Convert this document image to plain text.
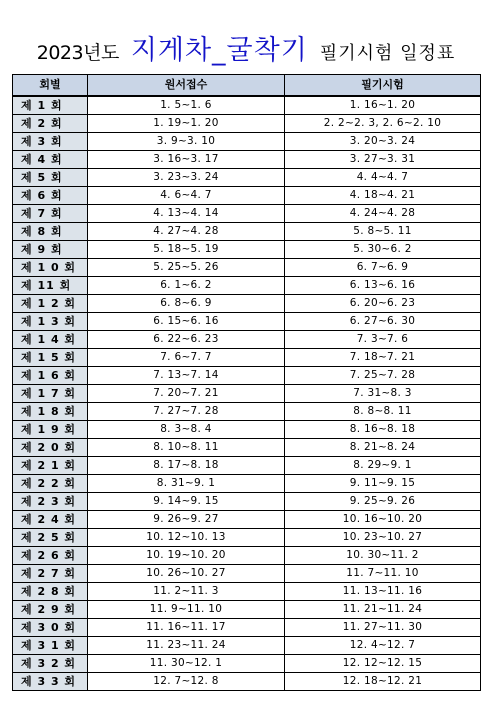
2023년도 지게차_굴착기 필기시험 일정표
회별	원서접수	필기시험
제 1 회	1. 5~1. 6	1. 16~1. 20
제 2 회	1. 19~1. 20	2. 2~2. 3, 2. 6~2. 10
제 3 회	3. 9~3. 10	3. 20~3. 24
제 4 회	3. 16~3. 17	3. 27~3. 31
제 5 회	3. 23~3. 24	4. 4~4. 7
제 6 회	4. 6~4. 7	4. 18~4. 21
제 7 회	4. 13~4. 14	4. 24~4. 28
제 8 회	4. 27~4. 28	5. 8~5. 11
제 9 회	5. 18~5. 19	5. 30~6. 2
제 1 0 회	5. 25~5. 26	6. 7~6. 9
제 11 회	6. 1~6. 2	6. 13~6. 16
제 1 2 회	6. 8~6. 9	6. 20~6. 23
제 1 3 회	6. 15~6. 16	6. 27~6. 30
제 1 4 회	6. 22~6. 23	7. 3~7. 6
제 1 5 회	7. 6~7. 7	7. 18~7. 21
제 1 6 회	7. 13~7. 14	7. 25~7. 28
제 1 7 회	7. 20~7. 21	7. 31~8. 3
제 1 8 회	7. 27~7. 28	8. 8~8. 11
제 1 9 회	8. 3~8. 4	8. 16~8. 18
제 2 0 회	8. 10~8. 11	8. 21~8. 24
제 2 1 회	8. 17~8. 18	8. 29~9. 1
제 2 2 회	8. 31~9. 1	9. 11~9. 15
제 2 3 회	9. 14~9. 15	9. 25~9. 26
제 2 4 회	9. 26~9. 27	10. 16~10. 20
제 2 5 회	10. 12~10. 13	10. 23~10. 27
제 2 6 회	10. 19~10. 20	10. 30~11. 2
제 2 7 회	10. 26~10. 27	11. 7~11. 10
제 2 8 회	11. 2~11. 3	11. 13~11. 16
제 2 9 회	11. 9~11. 10	11. 21~11. 24
제 3 0 회	11. 16~11. 17	11. 27~11. 30
제 3 1 회	11. 23~11. 24	12. 4~12. 7
제 3 2 회	11. 30~12. 1	12. 12~12. 15
제 3 3 회	12. 7~12. 8	12. 18~12. 21
